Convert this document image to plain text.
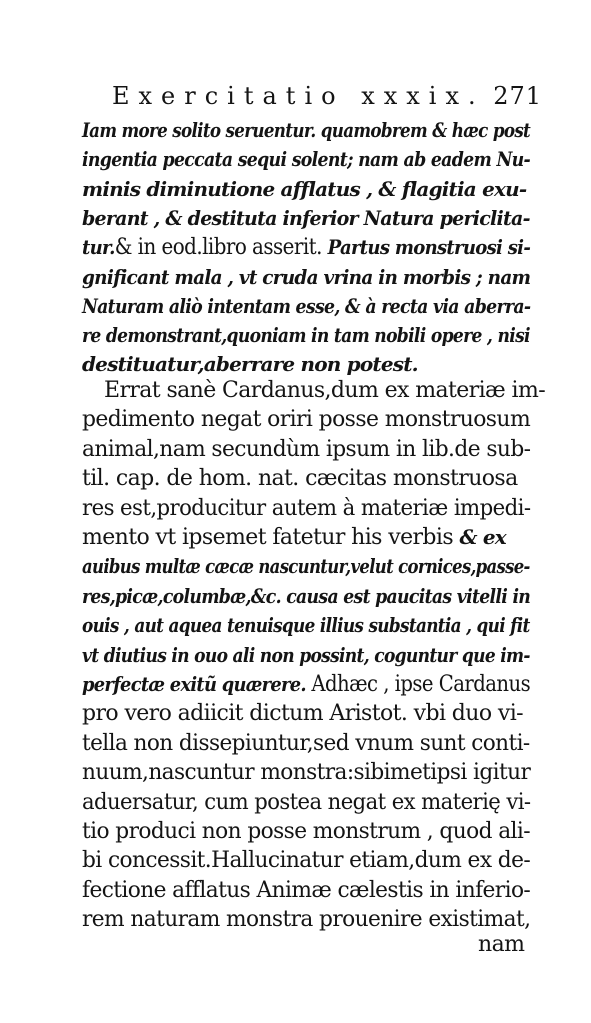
Exercitatio xxxix. 271
Iam more solito seruentur. quamobrem & hæc post
ingentia peccata sequi solent; nam ab eadem Nu-
minis diminutione afflatus , & flagitia exu-
berant , & destituta inferior Natura periclita-
tur.& in eod.libro asserit. Partus monstruosi si-
gnificant mala , vt cruda vrina in morbis ; nam
Naturam aliò intentam esse, & à recta via aberra-
re demonstrant,quoniam in tam nobili opere , nisi
destituatur,aberrare non potest.
Errat sanè Cardanus,dum ex materiæ im-
pedimento negat oriri posse monstruosum
animal,nam secundùm ipsum in lib.de sub-
til. cap. de hom. nat. cæcitas monstruosa
res est,producitur autem à materiæ impedi-
mento vt ipsemet fatetur his verbis & ex
auibus multæ cæcæ nascuntur,velut cornices,passe-
res,picæ,columbæ,&c. causa est paucitas vitelli in
ouis , aut aquea tenuisque illius substantia , qui fit
vt diutius in ouo ali non possint, coguntur que im-
perfectæ exitũ quærere. Adhæc , ipse Cardanus
pro vero adiicit dictum Aristot. vbi duo vi-
tella non dissepiuntur,sed vnum sunt conti-
nuum,nascuntur monstra:sibimetipsi igitur
aduersatur, cum postea negat ex materię vi-
tio produci non posse monstrum , quod ali-
bi concessit.Hallucinatur etiam,dum ex de-
fectione afflatus Animæ cælestis in inferio-
rem naturam monstra prouenire existimat,
nam
